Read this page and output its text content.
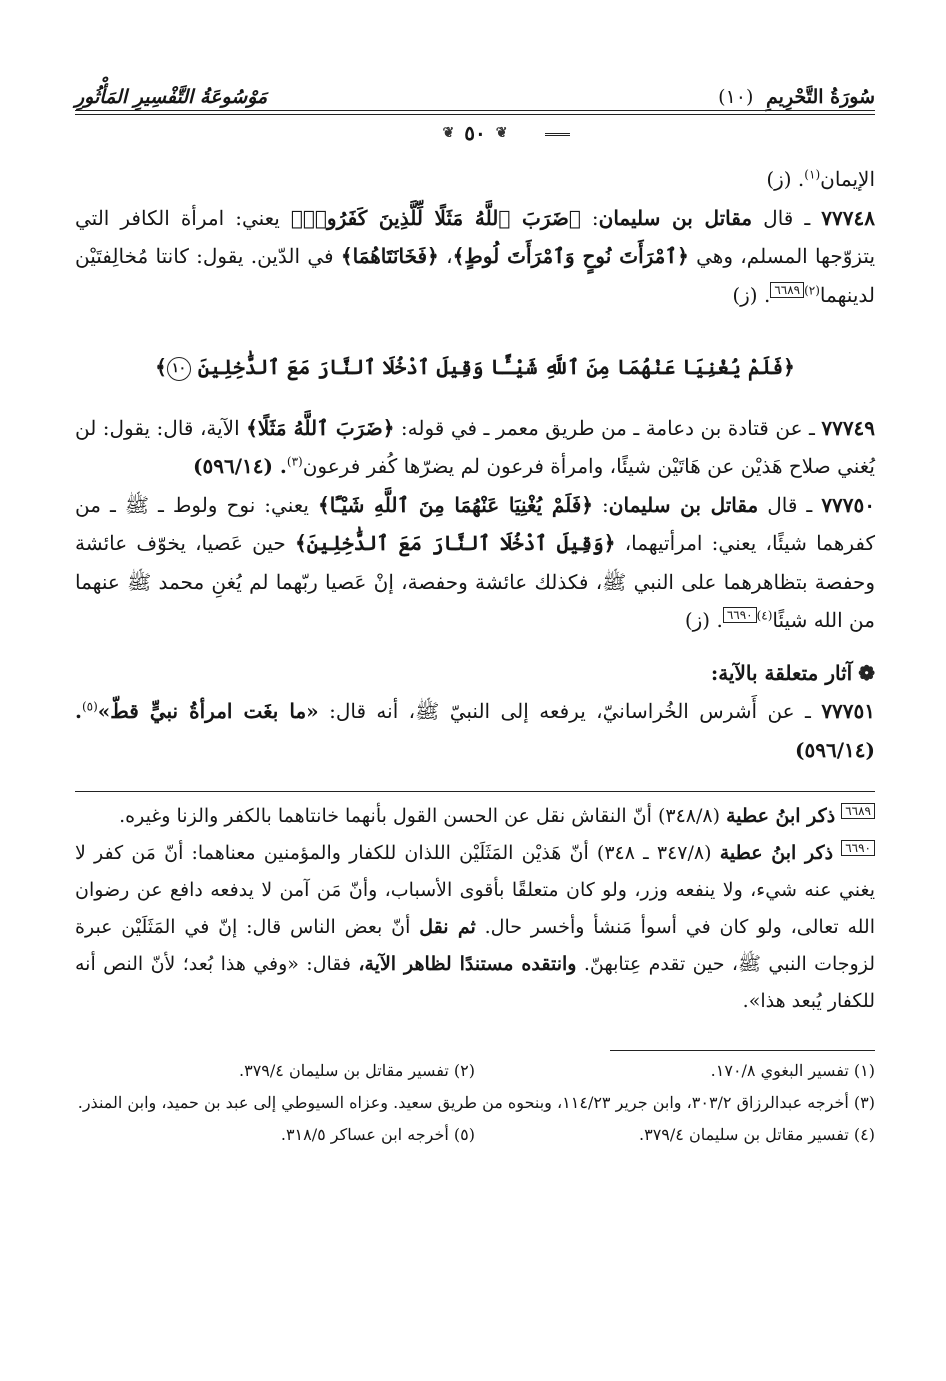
سُورَةُ التَّحْرِيمِ (١٠)
مَوْسُوعَةُ التَّفْسِيرِ المَأْثُورِ
❦
٥٠
❦

الإيمان$^{(١)}$. (ز)

٧٧٧٤٨ ـ قال مقاتل بن سليمان: ﴿ضَرَبَ ٱللَّهُ مَثَلًا لِّلَّذِينَ كَفَرُوا۟﴾ يعني: امرأة الكافر التي يتزوّجها المسلم، وهي ﴿ٱمْرَأَتَ نُوحٍ وَٱمْرَأَتَ لُوطٍ﴾، ﴿فَخَانَتَاهُمَا﴾ في الدّين. يقول: كانتا مُخالِفتَيْن لدينهما$^{(٢)}$٦٦٨٩. (ز)

﴿فَلَمْ يُغْنِيَا عَنْهُمَا مِنَ ٱللَّهِ شَيْـًٔا وَقِيلَ ٱدْخُلَا ٱلنَّارَ مَعَ ٱلدَّٰخِلِينَ ١٠﴾

٧٧٧٤٩ ـ عن قتادة بن دعامة ـ من طريق معمر ـ في قوله: ﴿ضَرَبَ ٱللَّهُ مَثَلًا﴾ الآية، قال: يقول: لن يُغني صلاح هَذيْن عن هَاتَيْن شيئًا، وامرأة فرعون لم يضرّها كُفر فرعون$^{(٣)}$. (٥٩٦/١٤)

٧٧٧٥٠ ـ قال مقاتل بن سليمان: ﴿فَلَمْ يُغْنِيَا عَنْهُمَا مِنَ ٱللَّهِ شَيْـًٔا﴾ يعني: نوح ولوط ـ ﷺ ـ من كفرهما شيئًا، يعني: امرأتيهما، ﴿وَقِيلَ ٱدْخُلَا ٱلنَّارَ مَعَ ٱلدَّٰخِلِينَ﴾ حين عَصيا، يخوّف عائشة وحفصة بتظاهرهما على النبي ﷺ، فكذلك عائشة وحفصة، إنْ عَصيا ربّهما لم يُغنِ محمد ﷺ عنهما من الله شيئًا$^{(٤)}$٦٦٩٠. (ز)

❁آثار متعلقة بالآية:

٧٧٧٥١ ـ عن أَشرس الخُراسانيّ، يرفعه إلى النبيّ ﷺ، أنه قال: «ما بغَت امرأةُ نبيٍّ قطّ»$^{(٥)}$. (٥٩٦/١٤)

٦٦٨٩ ذكر ابنُ عطية (٣٤٨/٨) أنّ النقاش نقل عن الحسن القول بأنهما خانتاهما بالكفر والزنا وغيره.

٦٦٩٠ ذكر ابنُ عطية (٣٤٧/٨ ـ ٣٤٨) أنّ هَذيْن المَثَلَيْن اللذان للكفار والمؤمنين معناهما: أنّ مَن كفر لا يغني عنه شيء، ولا ينفعه وزر، ولو كان متعلقًا بأقوى الأسباب، وأنّ مَن آمن لا يدفعه دافع عن رضوان الله تعالى، ولو كان في أسوأ مَنشأ وأخسر حال. ثم نقل أنّ بعض الناس قال: إنّ في المَثَلَيْن عبرة لزوجات النبي ﷺ، حين تقدم عِتابهنّ. وانتقده مستندًا لظاهر الآية، فقال: «وفي هذا بُعد؛ لأنّ النص أنه للكفار يُبعد هذا».

(١) تفسير البغوي ١٧٠/٨.
(٢) تفسير مقاتل بن سليمان ٣٧٩/٤.
(٣) أخرجه عبدالرزاق ٣٠٣/٢، وابن جرير ١١٤/٢٣، وبنحوه من طريق سعيد. وعزاه السيوطي إلى عبد بن حميد، وابن المنذر.
(٤) تفسير مقاتل بن سليمان ٣٧٩/٤.
(٥) أخرجه ابن عساكر ٣١٨/٥.
